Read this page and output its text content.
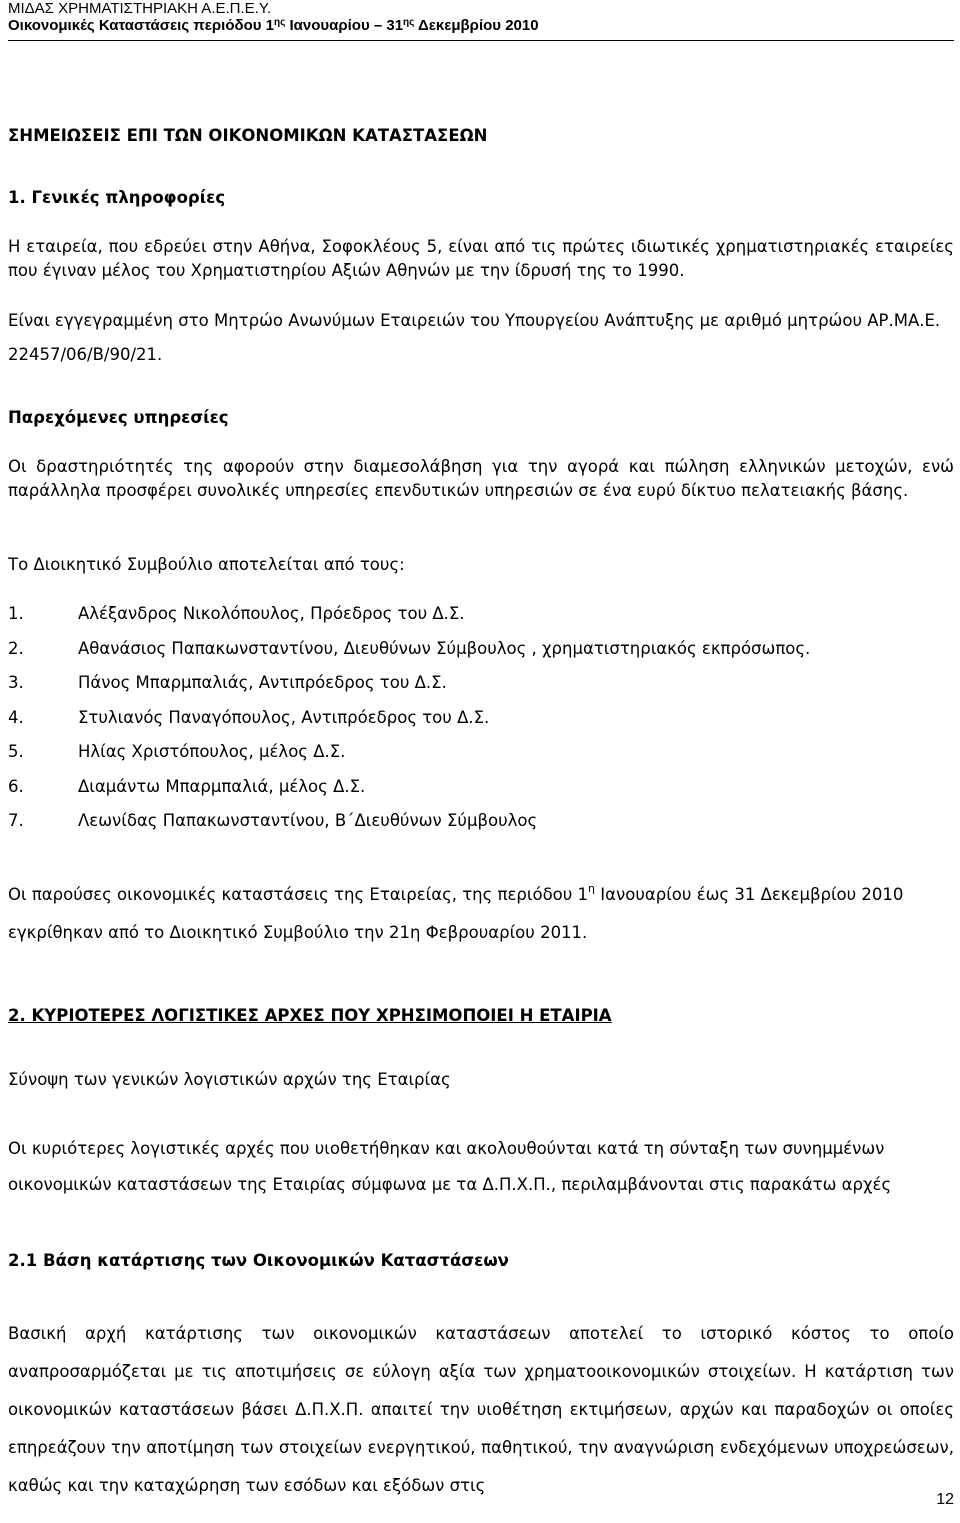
ΜΙΔΑΣ ΧΡΗΜΑΤΙΣΤΗΡΙΑΚΗ Α.Ε.Π.Ε.Υ.
Οικονομικές Καταστάσεις περιόδου $1^{\eta\varsigma}$ Ιανουαρίου – $31^{\eta\varsigma}$ Δεκεμβρίου 2010
ΣΗΜΕΙΩΣΕΙΣ ΕΠΙ ΤΩΝ ΟΙΚΟΝΟΜΙΚΩΝ ΚΑΤΑΣΤΑΣΕΩΝ
1. Γενικές πληροφορίες
Η εταιρεία, που εδρεύει στην Αθήνα, Σοφοκλέους 5, είναι από τις πρώτες ιδιωτικές χρηματιστηριακές εταιρείες που έγιναν μέλος του Χρηματιστηρίου Αξιών Αθηνών με την ίδρυσή της το 1990.
Είναι εγγεγραμμένη στο Μητρώο Ανωνύμων Εταιρειών του Υπουργείου Ανάπτυξης με αριθμό μητρώου ΑΡ.ΜΑ.Ε. 22457/06/Β/90/21.
Παρεχόμενες υπηρεσίες
Οι δραστηριότητές της αφορούν στην διαμεσολάβηση για την αγορά και πώληση ελληνικών μετοχών, ενώ παράλληλα προσφέρει συνολικές υπηρεσίες επενδυτικών υπηρεσιών σε ένα ευρύ δίκτυο πελατειακής βάσης.
Το Διοικητικό Συμβούλιο αποτελείται από τους:
1.	Αλέξανδρος Νικολόπουλος, Πρόεδρος του Δ.Σ.
2.	Αθανάσιος Παπακωνσταντίνου, Διευθύνων Σύμβουλος , χρηματιστηριακός εκπρόσωπος.
3.	Πάνος Μπαρμπαλιάς, Αντιπρόεδρος του Δ.Σ.
4.	Στυλιανός Παναγόπουλος, Αντιπρόεδρος του Δ.Σ.
5.	Ηλίας Χριστόπουλος, μέλος Δ.Σ.
6.	Διαμάντω Μπαρμπαλιά, μέλος Δ.Σ.
7.	Λεωνίδας Παπακωνσταντίνου, Β΄Διευθύνων Σύμβουλος
Οι παρούσες οικονομικές καταστάσεις της Εταιρείας, της περιόδου $1^\eta$ Ιανουαρίου έως 31 Δεκεμβρίου 2010 εγκρίθηκαν από το Διοικητικό Συμβούλιο την 21η Φεβρουαρίου 2011.
2. ΚΥΡΙΟΤΕΡΕΣ ΛΟΓΙΣΤΙΚΕΣ ΑΡΧΕΣ ΠΟΥ ΧΡΗΣΙΜΟΠΟΙΕΙ Η ΕΤΑΙΡΙΑ
Σύνοψη των γενικών λογιστικών αρχών της Εταιρίας
Οι κυριότερες λογιστικές αρχές που υιοθετήθηκαν και ακολουθούνται κατά τη σύνταξη των συνημμένων οικονομικών καταστάσεων της Εταιρίας σύμφωνα με τα Δ.Π.Χ.Π., περιλαμβάνονται στις παρακάτω αρχές
2.1 Βάση κατάρτισης των Οικονομικών Καταστάσεων
Βασική αρχή κατάρτισης των οικονομικών καταστάσεων αποτελεί το ιστορικό κόστος το οποίο αναπροσαρμόζεται με τις αποτιμήσεις σε εύλογη αξία των χρηματοοικονομικών στοιχείων. Η κατάρτιση των οικονομικών καταστάσεων βάσει Δ.Π.Χ.Π. απαιτεί την υιοθέτηση εκτιμήσεων, αρχών και παραδοχών οι οποίες επηρεάζουν την αποτίμηση των στοιχείων ενεργητικού, παθητικού, την αναγνώριση ενδεχόμενων υποχρεώσεων, καθώς και την καταχώρηση των εσόδων και εξόδων στις
12
